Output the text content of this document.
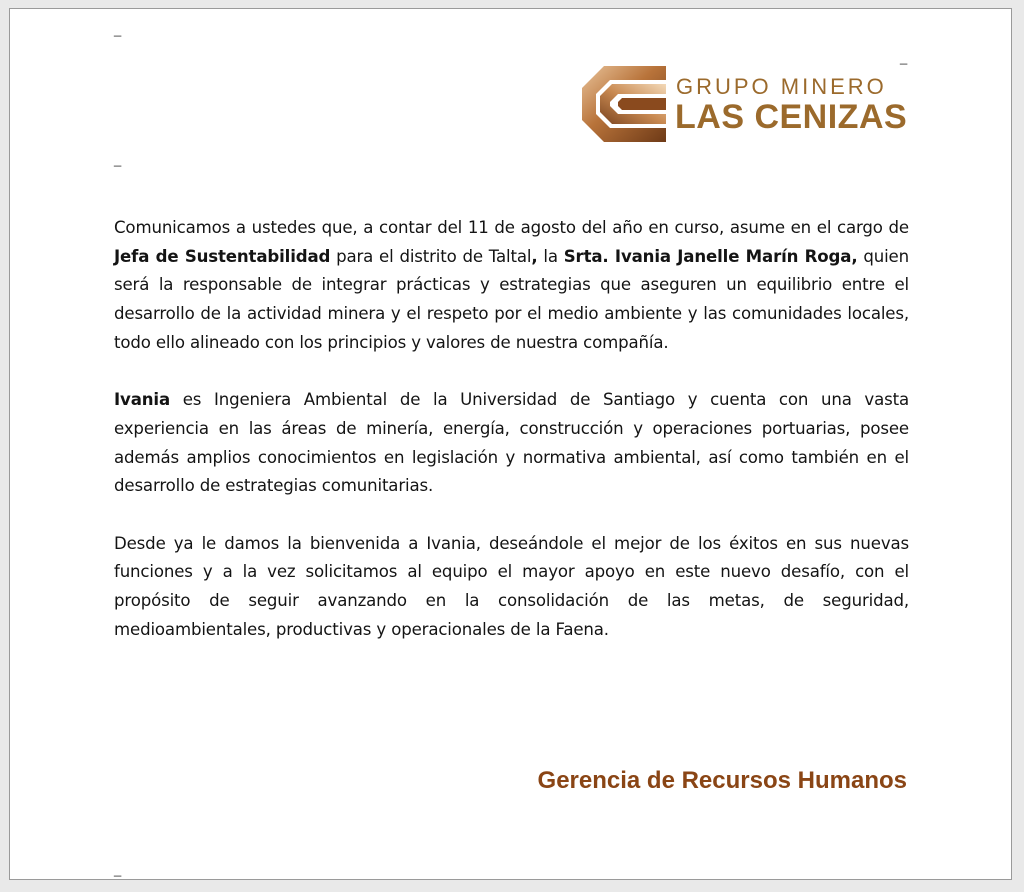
_
_
_
GRUPO MINERO
LAS CENIZAS

Comunicamos a ustedes que, a contar del 11 de agosto del año en curso, asume en el cargo de Jefa de Sustentabilidad para el distrito de Taltal, la Srta. Ivania Janelle Marín Roga, quien será la responsable de integrar prácticas y estrategias que aseguren un equilibrio entre el desarrollo de la actividad minera y el respeto por el medio ambiente y las comunidades locales, todo ello alineado con los principios y valores de nuestra compañía.

Ivania es Ingeniera Ambiental de la Universidad de Santiago y cuenta con una vasta experiencia en las áreas de minería, energía, construcción y operaciones portuarias, posee además amplios conocimientos en legislación y normativa ambiental, así como también en el desarrollo de estrategias comunitarias.

Desde ya le damos la bienvenida a Ivania, deseándole el mejor de los éxitos en sus nuevas funciones y a la vez solicitamos al equipo el mayor apoyo en este nuevo desafío, con el propósito de seguir avanzando en la consolidación de las metas, de seguridad, medioambientales, productivas y operacionales de la Faena.

Gerencia de Recursos Humanos
_
